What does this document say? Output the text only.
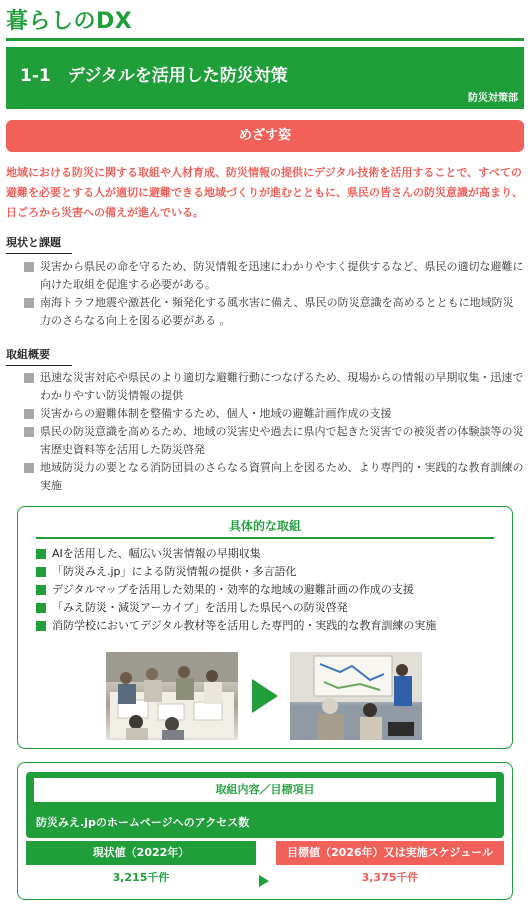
暮らしのDX
1-1　デジタルを活用した防災対策
防災対策部
めざす姿
地域における防災に関する取組や人材育成、防災情報の提供にデジタル技術を活用することで、すべての避難を必要とする人が適切に避難できる地域づくりが進むとともに、県民の皆さんの防災意識が高まり、日ごろから災害への備えが進んでいる。
現状と課題
災害から県民の命を守るため、防災情報を迅速にわかりやすく提供するなど、県民の適切な避難に向けた取組を促進する必要がある。
南海トラフ地震や激甚化・頻発化する風水害に備え、県民の防災意識を高めるとともに地域防災力のさらなる向上を図る必要がある 。
取組概要
迅速な災害対応や県民のより適切な避難行動につなげるため、現場からの情報の早期収集・迅速でわかりやすい防災情報の提供
災害からの避難体制を整備するため、個人・地域の避難計画作成の支援
県民の防災意識を高めるため、地域の災害史や過去に県内で起きた災害での被災者の体験談等の災害歴史資料等を活用した防災啓発
地域防災力の要となる消防団員のさらなる資質向上を図るため、より専門的・実践的な教育訓練の実施
具体的な取組
AIを活用した、幅広い災害情報の早期収集
「防災みえ.jp」による防災情報の提供・多言語化
デジタルマップを活用した効果的・効率的な地域の避難計画の作成の支援
「みえ防災・減災アーカイブ」を活用した県民への防災啓発
消防学校においてデジタル教材等を活用した専門的・実践的な教育訓練の実施
取組内容／目標項目
防災みえ.jpのホームページへのアクセス数
現状値（2022年）	目標値（2026年）又は実施スケジュール
3,215千件	3,375千件
